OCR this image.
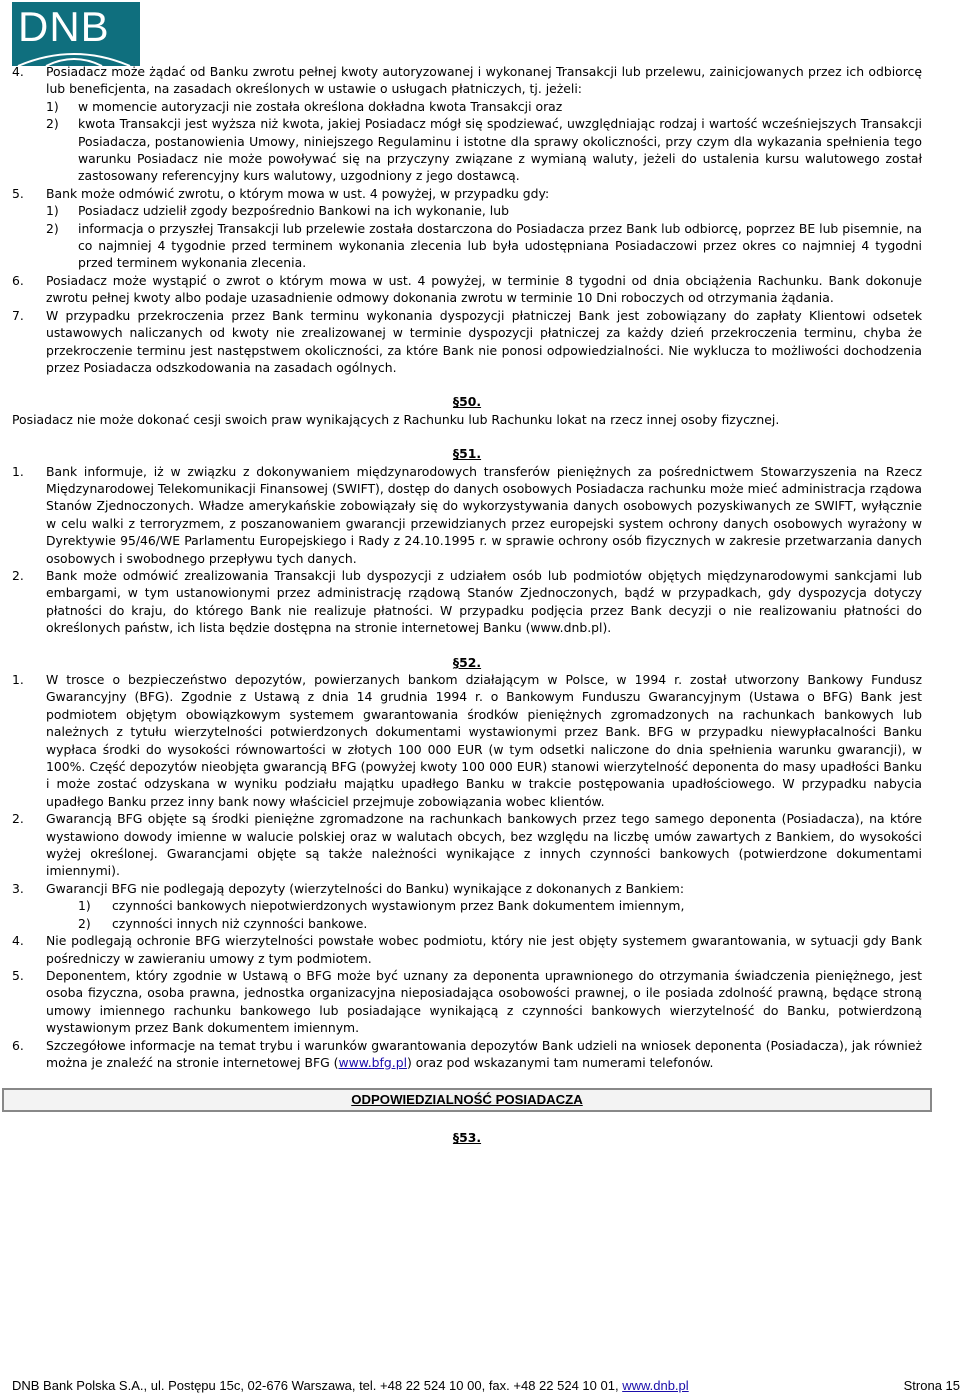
DNB
4.	Posiadacz może żądać od Banku zwrotu pełnej kwoty autoryzowanej i wykonanej Transakcji lub przelewu, zainicjowanych przez ich odbiorcę lub beneficjenta, na zasadach określonych w ustawie o usługach płatniczych, tj. jeżeli:
1)	w momencie autoryzacji nie została określona dokładna kwota Transakcji oraz
2)	kwota Transakcji jest wyższa niż kwota, jakiej Posiadacz mógł się spodziewać, uwzględniając rodzaj i wartość wcześniejszych Transakcji Posiadacza, postanowienia Umowy, niniejszego Regulaminu i istotne dla sprawy okoliczności, przy czym dla wykazania spełnienia tego warunku Posiadacz nie może powoływać się na przyczyny związane z wymianą waluty, jeżeli do ustalenia kursu walutowego został zastosowany referencyjny kurs walutowy, uzgodniony z jego dostawcą.
5.	Bank może odmówić zwrotu, o którym mowa w ust. 4 powyżej, w przypadku gdy:
1)	Posiadacz udzielił zgody bezpośrednio Bankowi na ich wykonanie, lub
2)	informacja o przyszłej Transakcji lub przelewie została dostarczona do Posiadacza przez Bank lub odbiorcę, poprzez BE lub pisemnie, na co najmniej 4 tygodnie przed terminem wykonania zlecenia lub była udostępniana Posiadaczowi przez okres co najmniej 4 tygodni przed terminem wykonania zlecenia.
6.	Posiadacz może wystąpić o zwrot o którym mowa w ust. 4 powyżej, w terminie 8 tygodni od dnia obciążenia Rachunku. Bank dokonuje zwrotu pełnej kwoty albo podaje uzasadnienie odmowy dokonania zwrotu w terminie 10 Dni roboczych od otrzymania żądania.
7.	W przypadku przekroczenia przez Bank terminu wykonania dyspozycji płatniczej Bank jest zobowiązany do zapłaty Klientowi odsetek ustawowych naliczanych od kwoty nie zrealizowanej w terminie dyspozycji płatniczej za każdy dzień przekroczenia terminu, chyba że przekroczenie terminu jest następstwem okoliczności, za które Bank nie ponosi odpowiedzialności. Nie wyklucza to możliwości dochodzenia przez Posiadacza odszkodowania na zasadach ogólnych.
§50.
Posiadacz nie może dokonać cesji swoich praw wynikających z Rachunku lub Rachunku lokat na rzecz innej osoby fizycznej.
§51.
1.	Bank informuje, iż w związku z dokonywaniem międzynarodowych transferów pieniężnych za pośrednictwem Stowarzyszenia na Rzecz Międzynarodowej Telekomunikacji Finansowej (SWIFT), dostęp do danych osobowych Posiadacza rachunku może mieć administracja rządowa Stanów Zjednoczonych. Władze amerykańskie zobowiązały się do wykorzystywania danych osobowych pozyskiwanych ze SWIFT, wyłącznie w celu walki z terroryzmem, z poszanowaniem gwarancji przewidzianych przez europejski system ochrony danych osobowych wyrażony w Dyrektywie 95/46/WE Parlamentu Europejskiego i Rady z 24.10.1995 r. w sprawie ochrony osób fizycznych w zakresie przetwarzania danych osobowych i swobodnego przepływu tych danych.
2.	Bank może odmówić zrealizowania Transakcji lub dyspozycji z udziałem osób lub podmiotów objętych międzynarodowymi sankcjami lub embargami, w tym ustanowionymi przez administrację rządową Stanów Zjednoczonych, bądź w przypadkach, gdy dyspozycja dotyczy płatności do kraju, do którego Bank nie realizuje płatności. W przypadku podjęcia przez Bank decyzji o nie realizowaniu płatności do określonych państw, ich lista będzie dostępna na stronie internetowej Banku (www.dnb.pl).
§52.
1.	W trosce o bezpieczeństwo depozytów, powierzanych bankom działającym w Polsce, w 1994 r. został utworzony Bankowy Fundusz Gwarancyjny (BFG). Zgodnie z Ustawą z dnia 14 grudnia 1994 r. o Bankowym Funduszu Gwarancyjnym (Ustawa o BFG) Bank jest podmiotem objętym obowiązkowym systemem gwarantowania środków pieniężnych zgromadzonych na rachunkach bankowych lub należnych z tytułu wierzytelności potwierdzonych dokumentami wystawionymi przez Bank. BFG w przypadku niewypłacalności Banku wypłaca środki do wysokości równowartości w złotych 100 000 EUR (w tym odsetki naliczone do dnia spełnienia warunku gwarancji), w 100%. Część depozytów nieobjęta gwarancją BFG (powyżej kwoty 100 000 EUR) stanowi wierzytelność deponenta do masy upadłości Banku i może zostać odzyskana w wyniku podziału majątku upadłego Banku w trakcie postępowania upadłościowego. W przypadku nabycia upadłego Banku przez inny bank nowy właściciel przejmuje zobowiązania wobec klientów.
2.	Gwarancją BFG objęte są środki pieniężne zgromadzone na rachunkach bankowych przez tego samego deponenta (Posiadacza), na które wystawiono dowody imienne w walucie polskiej oraz w walutach obcych, bez względu na liczbę umów zawartych z Bankiem, do wysokości wyżej określonej. Gwarancjami objęte są także należności wynikające z innych czynności bankowych (potwierdzone dokumentami imiennymi).
3.	Gwarancji BFG nie podlegają depozyty (wierzytelności do Banku) wynikające z dokonanych z Bankiem:
1)	czynności bankowych niepotwierdzonych wystawionym przez Bank dokumentem imiennym,
2)	czynności innych niż czynności bankowe.
4.	Nie podlegają ochronie BFG wierzytelności powstałe wobec podmiotu, który nie jest objęty systemem gwarantowania, w sytuacji gdy Bank pośredniczy w zawieraniu umowy z tym podmiotem.
5.	Deponentem, który zgodnie w Ustawą o BFG może być uznany za deponenta uprawnionego do otrzymania świadczenia pieniężnego, jest osoba fizyczna, osoba prawna, jednostka organizacyjna nieposiadająca osobowości prawnej, o ile posiada zdolność prawną, będące stroną umowy imiennego rachunku bankowego lub posiadające wynikającą z czynności bankowych wierzytelność do Banku, potwierdzoną wystawionym przez Bank dokumentem imiennym.
6.	Szczegółowe informacje na temat trybu i warunków gwarantowania depozytów Bank udzieli na wniosek deponenta (Posiadacza), jak również można je znaleźć na stronie internetowej BFG (www.bfg.pl) oraz pod wskazanymi tam numerami telefonów.
ODPOWIEDZIALNOŚĆ POSIADACZA
§53.
DNB Bank Polska S.A., ul. Postępu 15c, 02-676 Warszawa, tel. +48 22 524 10 00, fax. +48 22 524 10 01, www.dnb.pl	Strona 15
